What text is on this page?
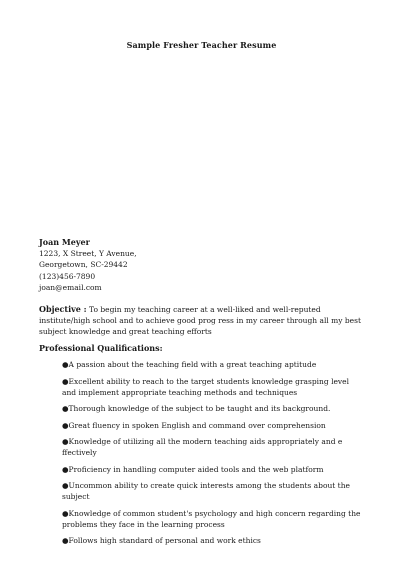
Sample Fresher Teacher Resume
Joan Meyer
1223, X Street, Y Avenue,
Georgetown, SC-29442
(123)456-7890
joan@email.com
Objective : To begin my teaching career at a well-liked and well-reputed institute/high school and to achieve good prog ress in my career through all my best subject knowledge and great teaching efforts
Professional Qualifications:
●A passion about the teaching field with a great teaching aptitude
●Excellent ability to reach to the target students knowledge grasping level and implement appropriate teaching methods and techniques
●Thorough knowledge of the subject to be taught and its background.
●Great fluency in spoken English and command over comprehension
●Knowledge of utilizing all the modern teaching aids appropriately and e ffectively
●Proficiency in handling computer aided tools and the web platform
●Uncommon ability to create quick interests among the students about the subject
●Knowledge of common student's psychology and high concern regarding the problems they face in the learning process
●Follows high standard of personal and work ethics
